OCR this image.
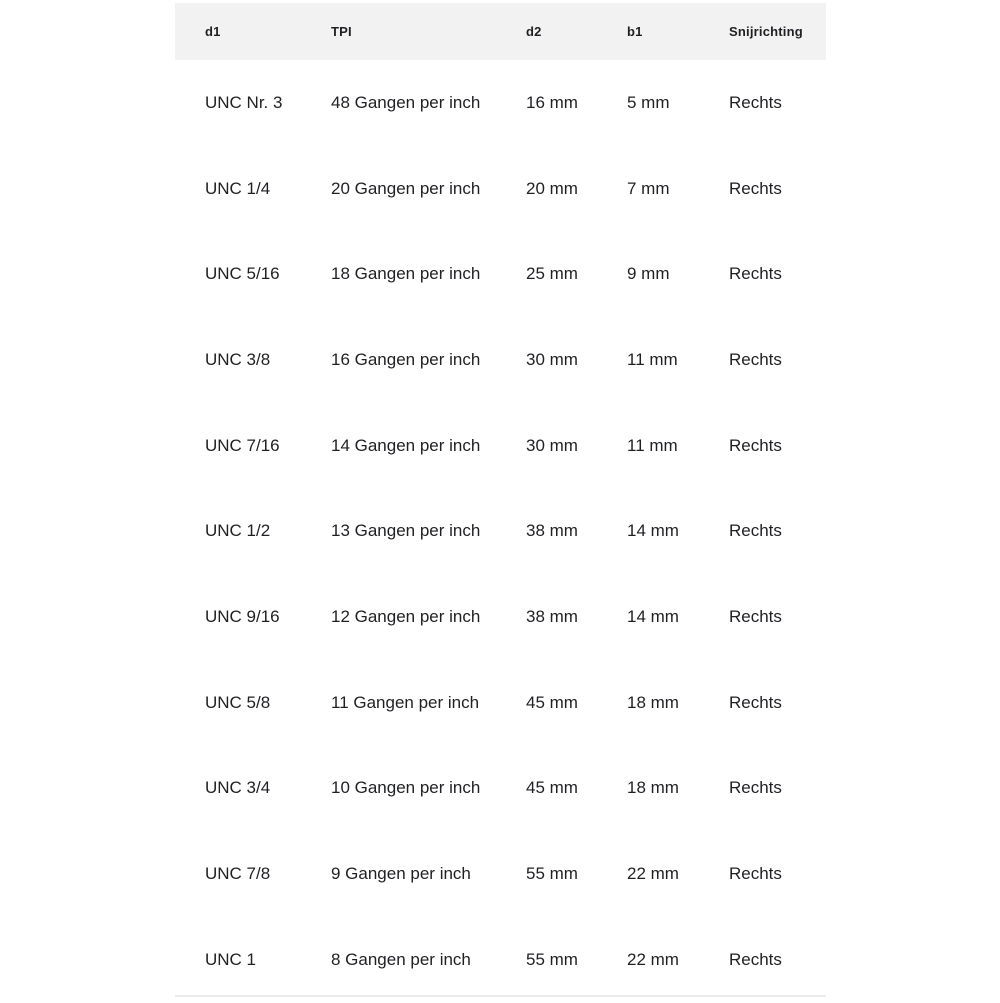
d1	TPI	d2	b1	Snijrichting
UNC Nr. 3	48 Gangen per inch	16 mm	5 mm	Rechts
UNC 1/4	20 Gangen per inch	20 mm	7 mm	Rechts
UNC 5/16	18 Gangen per inch	25 mm	9 mm	Rechts
UNC 3/8	16 Gangen per inch	30 mm	11 mm	Rechts
UNC 7/16	14 Gangen per inch	30 mm	11 mm	Rechts
UNC 1/2	13 Gangen per inch	38 mm	14 mm	Rechts
UNC 9/16	12 Gangen per inch	38 mm	14 mm	Rechts
UNC 5/8	11 Gangen per inch	45 mm	18 mm	Rechts
UNC 3/4	10 Gangen per inch	45 mm	18 mm	Rechts
UNC 7/8	9 Gangen per inch	55 mm	22 mm	Rechts
UNC 1	8 Gangen per inch	55 mm	22 mm	Rechts
